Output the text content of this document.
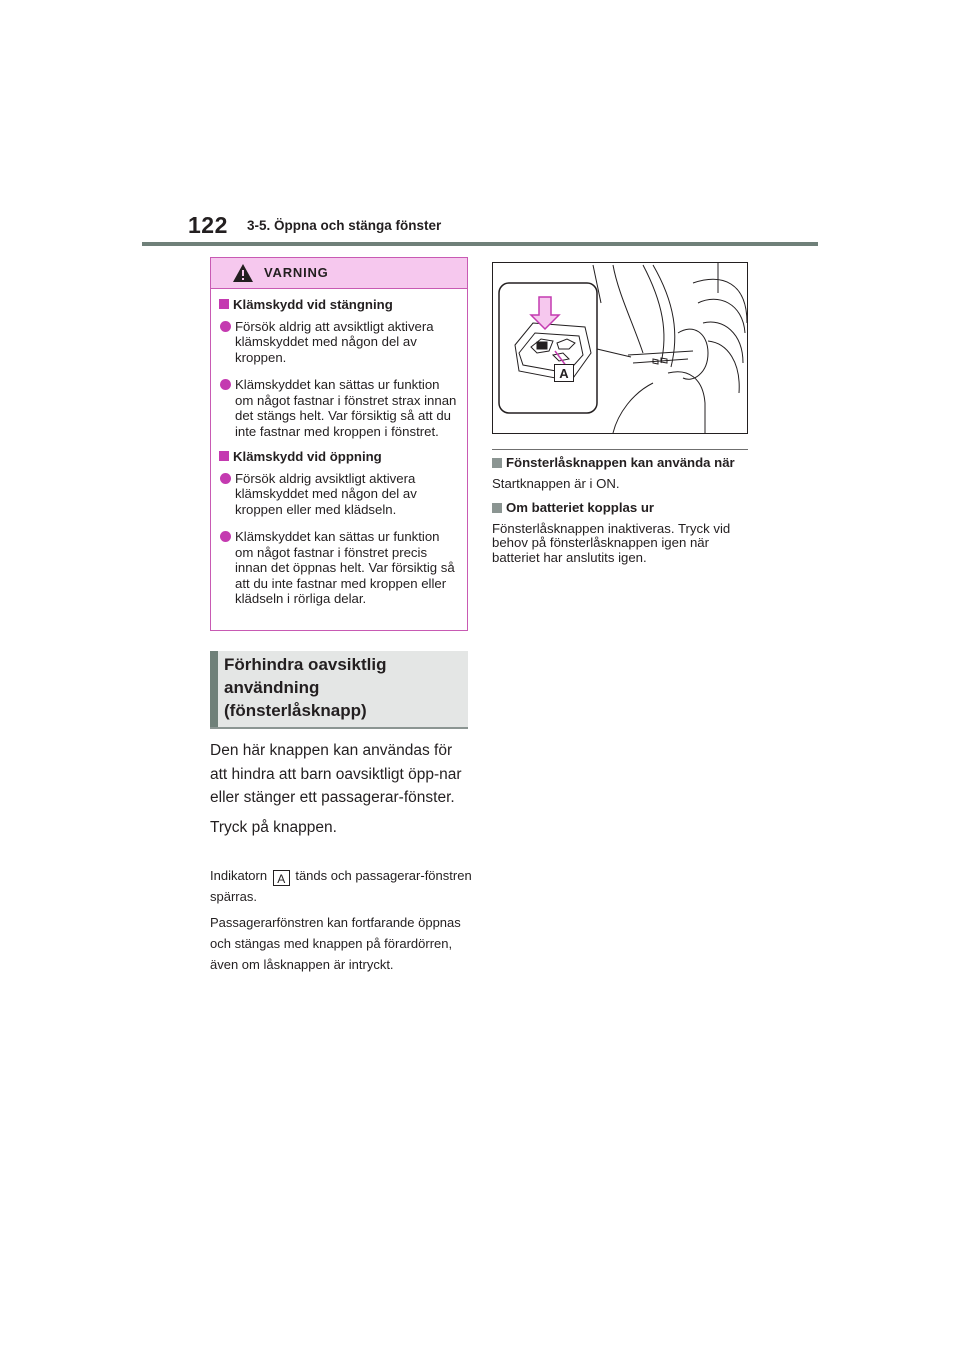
122 3-5. Öppna och stänga fönster
VARNING
Klämskydd vid stängning
Försök aldrig att avsiktligt aktivera klämskyddet med någon del av kroppen.
Klämskyddet kan sättas ur funktion om något fastnar i fönstret strax innan det stängs helt. Var försiktig så att du inte fastnar med kroppen i fönstret.
Klämskydd vid öppning
Försök aldrig avsiktligt aktivera klämskyddet med någon del av kroppen eller med klädseln.
Klämskyddet kan sättas ur funktion om något fastnar i fönstret precis innan det öppnas helt. Var försiktig så att du inte fastnar med kroppen eller klädseln i rörliga delar.
Förhindra oavsiktlig användning (fönsterlåsknapp)

Den här knappen kan användas för att hindra att barn oavsiktligt öpp-nar eller stänger ett passagerar-fönster.

Tryck på knappen.

Indikatorn A tänds och passagerar-fönstren spärras.

Passagerarfönstren kan fortfarande öppnas och stängas med knappen på förardörren, även om låsknappen är intryckt.

A
Fönsterlåsknappen kan använda när
Startknappen är i ON.
Om batteriet kopplas ur
Fönsterlåsknappen inaktiveras. Tryck vid behov på fönsterlåsknappen igen när batteriet har anslutits igen.
